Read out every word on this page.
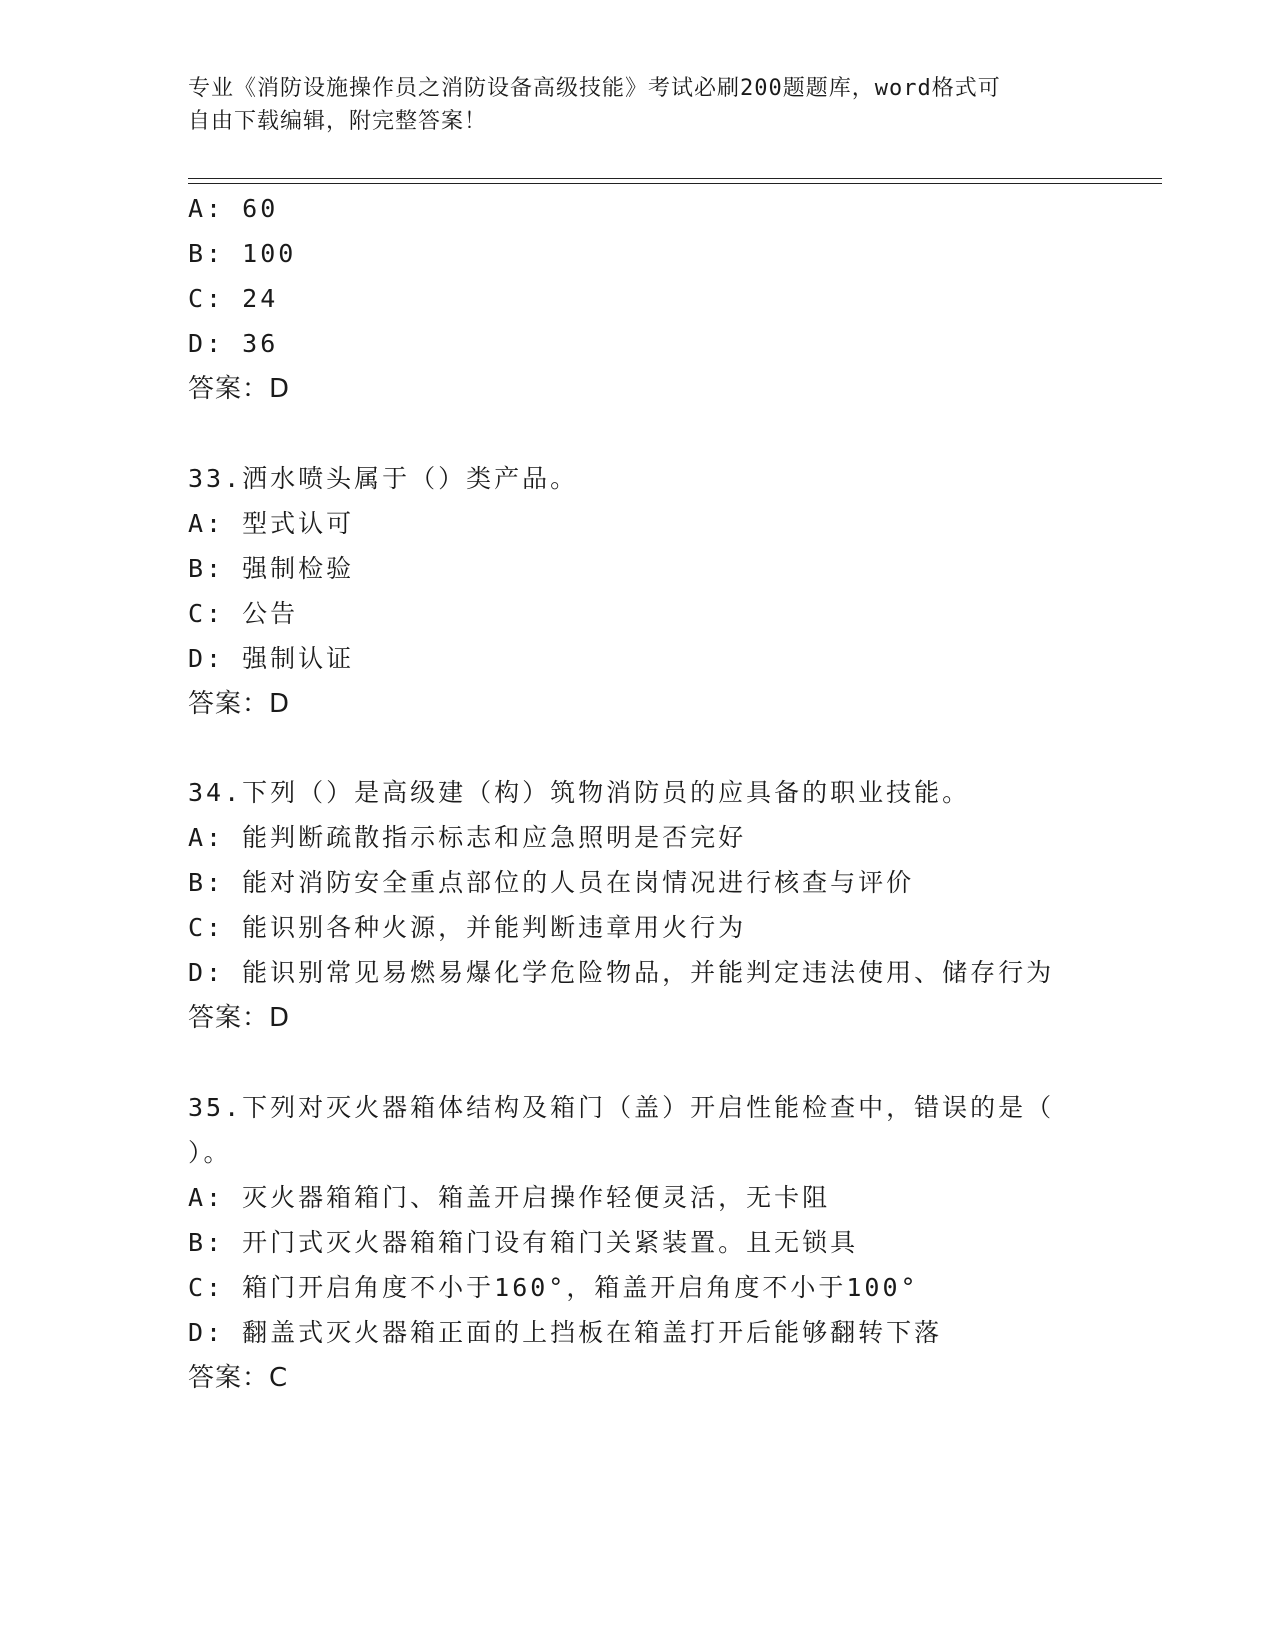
专业《消防设施操作员之消防设备高级技能》考试必刷200题题库，word格式可
自由下载编辑，附完整答案！
A: 60
B: 100
C: 24
D: 36
答案：D
33.洒水喷头属于（）类产品。
A: 型式认可
B: 强制检验
C: 公告
D: 强制认证
答案：D
34.下列（）是高级建（构）筑物消防员的应具备的职业技能。
A: 能判断疏散指示标志和应急照明是否完好
B: 能对消防安全重点部位的人员在岗情况进行核查与评价
C: 能识别各种火源，并能判断违章用火行为
D: 能识别常见易燃易爆化学危险物品，并能判定违法使用、储存行为
答案：D
35.下列对灭火器箱体结构及箱门（盖）开启性能检查中，错误的是（
）。
A: 灭火器箱箱门、箱盖开启操作轻便灵活，无卡阻
B: 开门式灭火器箱箱门设有箱门关紧装置。且无锁具
C: 箱门开启角度不小于160°，箱盖开启角度不小于100°
D: 翻盖式灭火器箱正面的上挡板在箱盖打开后能够翻转下落
答案：C
